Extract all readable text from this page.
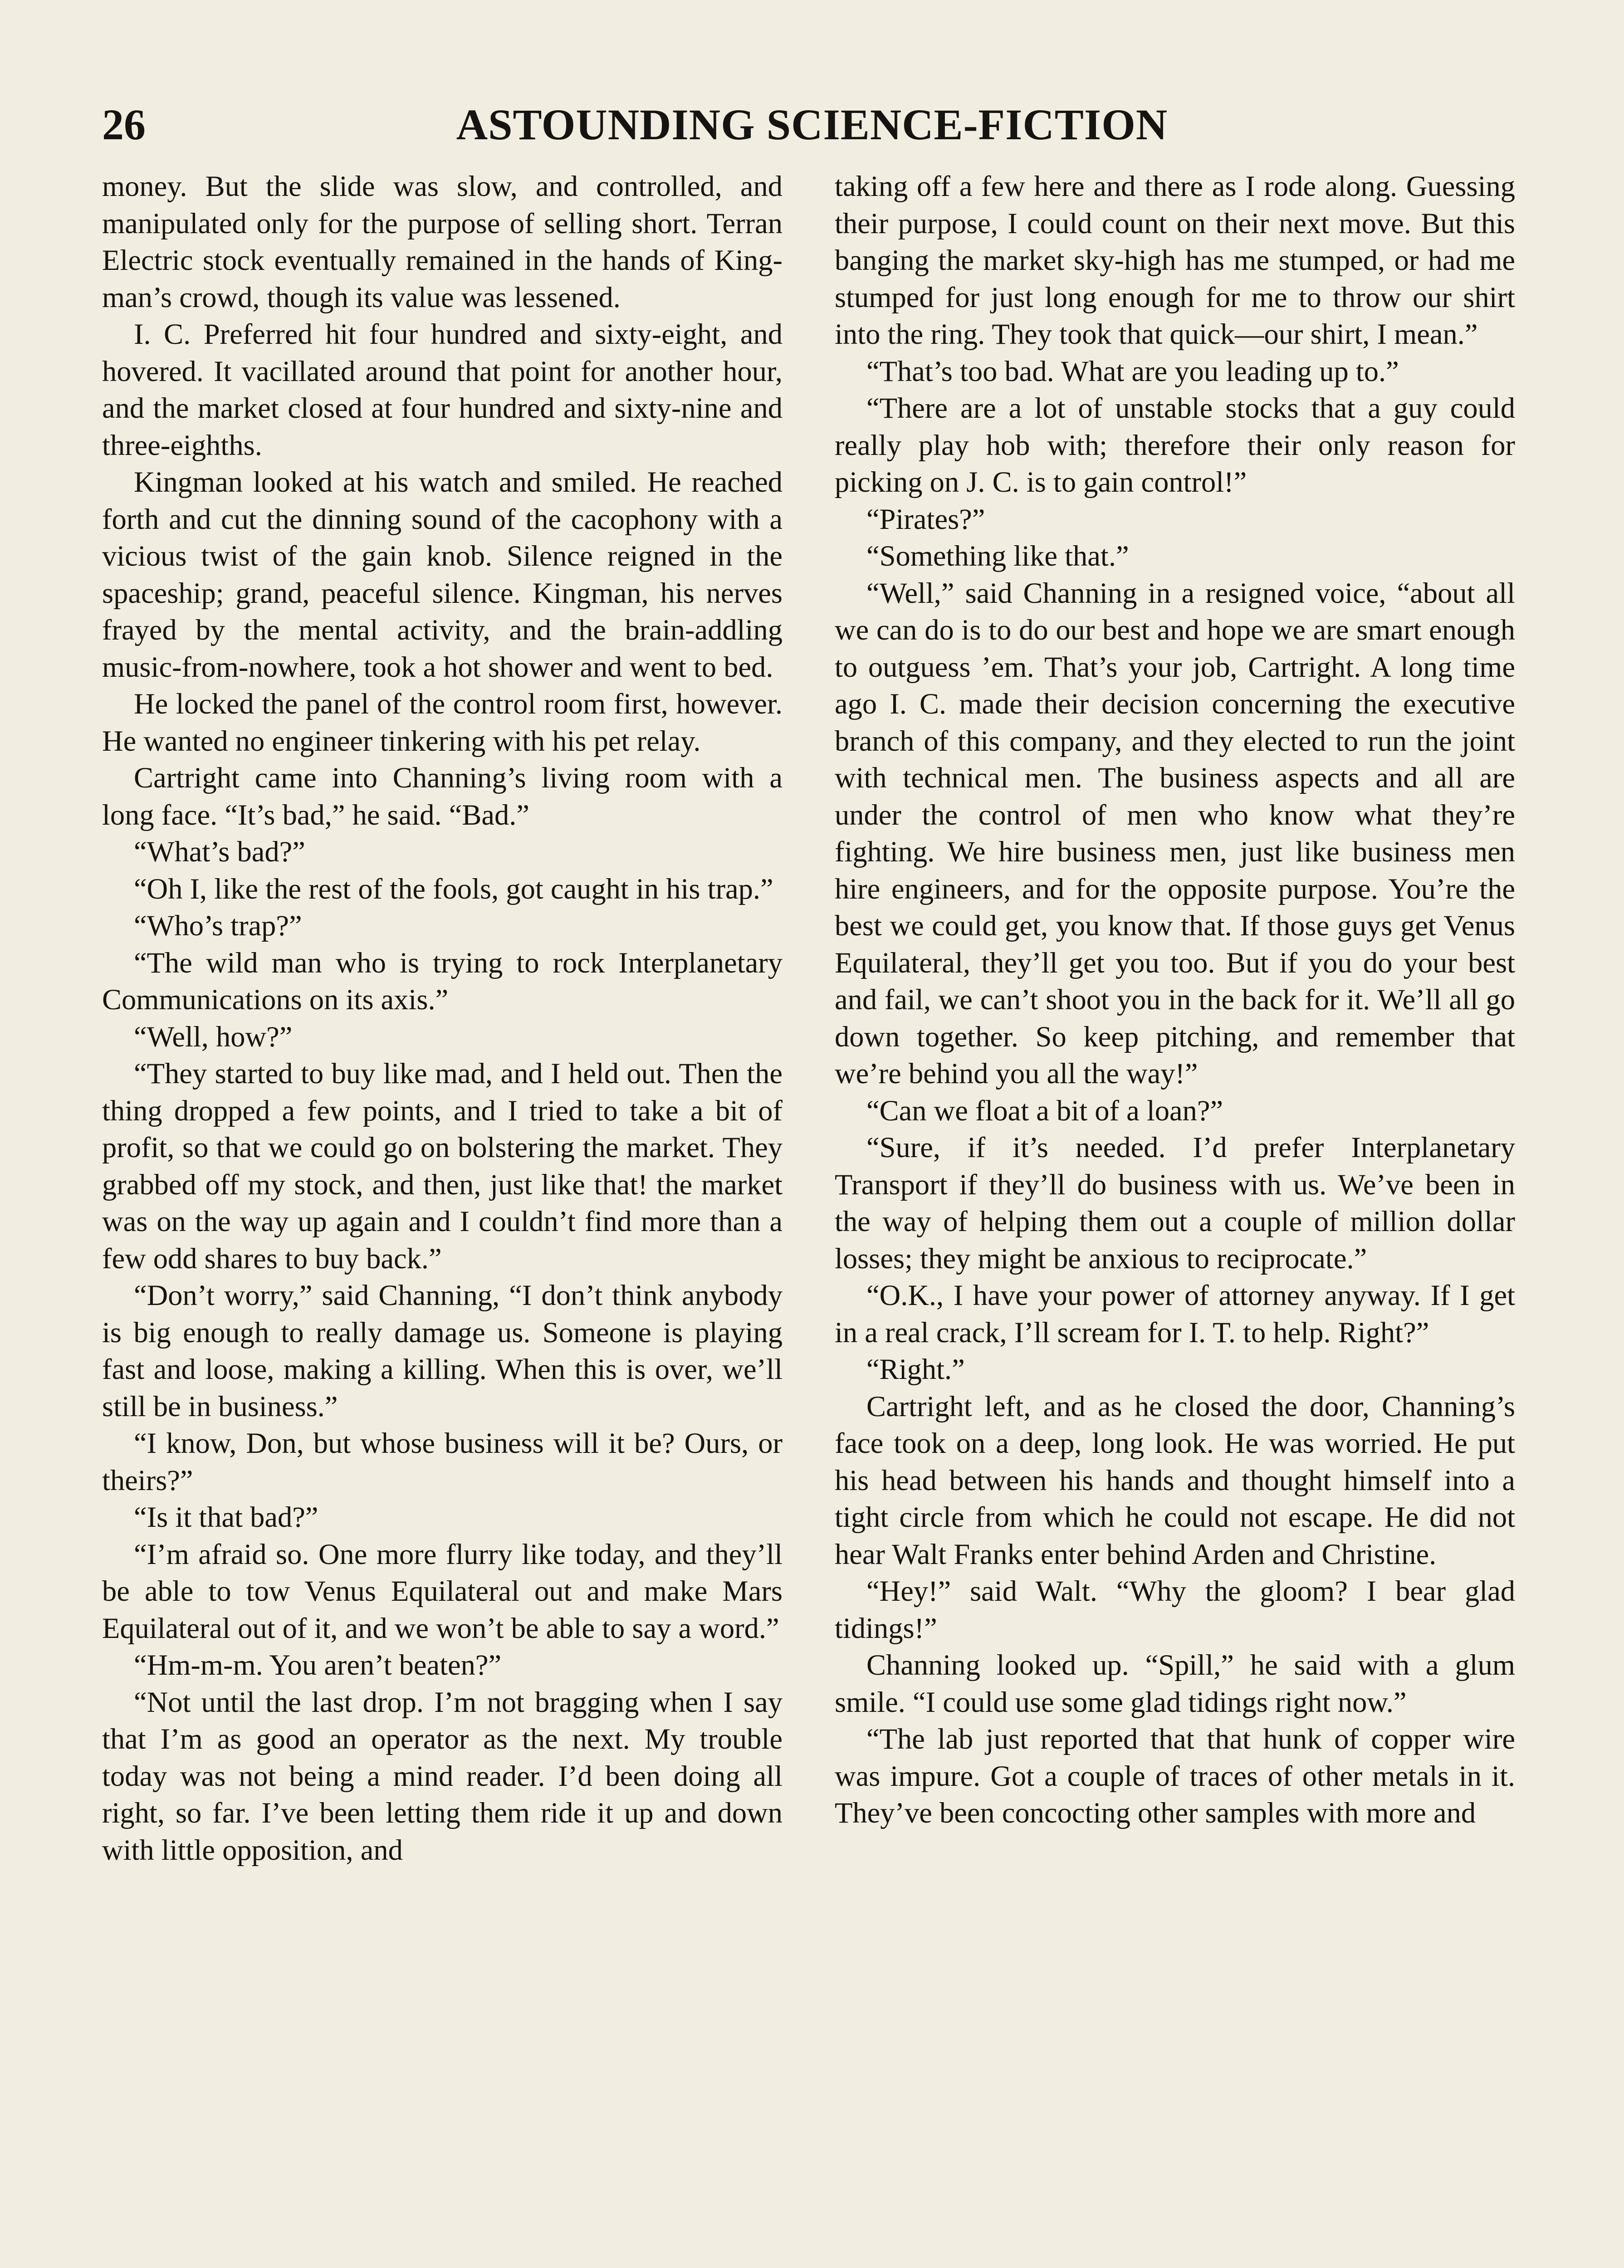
26	ASTOUNDING SCIENCE-FICTION

money. But the slide was slow, and controlled, and manipulated only for the purpose of selling short. Terran Electric stock eventually remained in the hands of Kingman’s crowd, though its value was lessened.

I. C. Preferred hit four hundred and sixty-eight, and hovered. It vacillated around that point for another hour, and the market closed at four hundred and sixty-nine and three-eighths.

Kingman looked at his watch and smiled. He reached forth and cut the dinning sound of the cacophony with a vicious twist of the gain knob. Silence reigned in the spaceship; grand, peaceful silence. Kingman, his nerves frayed by the mental activity, and the brain-addling music-from-nowhere, took a hot shower and went to bed.

He locked the panel of the control room first, however. He wanted no engineer tinkering with his pet relay.

Cartright came into Channing’s living room with a long face. “It’s bad,” he said. “Bad.”

“What’s bad?”

“Oh I, like the rest of the fools, got caught in his trap.”

“Who’s trap?”

“The wild man who is trying to rock Interplanetary Communications on its axis.”

“Well, how?”

“They started to buy like mad, and I held out. Then the thing dropped a few points, and I tried to take a bit of profit, so that we could go on bolstering the market. They grabbed off my stock, and then, just like that! the market was on the way up again and I couldn’t find more than a few odd shares to buy back.”

“Don’t worry,” said Channing, “I don’t think anybody is big enough to really damage us. Someone is playing fast and loose, making a killing. When this is over, we’ll still be in business.”

“I know, Don, but whose business will it be? Ours, or theirs?”

“Is it that bad?”

“I’m afraid so. One more flurry like today, and they’ll be able to tow Venus Equilateral out and make Mars Equilateral out of it, and we won’t be able to say a word.”

“Hm-m-m. You aren’t beaten?”

“Not until the last drop. I’m not bragging when I say that I’m as good an operator as the next. My trouble today was not being a mind reader. I’d been doing all right, so far. I’ve been letting them ride it up and down with little opposition, and

taking off a few here and there as I rode along. Guessing their purpose, I could count on their next move. But this banging the market sky-high has me stumped, or had me stumped for just long enough for me to throw our shirt into the ring. They took that quick—our shirt, I mean.”

“That’s too bad. What are you leading up to.”

“There are a lot of unstable stocks that a guy could really play hob with; therefore their only reason for picking on J. C. is to gain control!”

“Pirates?”

“Something like that.”

“Well,” said Channing in a resigned voice, “about all we can do is to do our best and hope we are smart enough to outguess ’em. That’s your job, Cartright. A long time ago I. C. made their decision concerning the executive branch of this company, and they elected to run the joint with technical men. The business aspects and all are under the control of men who know what they’re fighting. We hire business men, just like business men hire engineers, and for the opposite purpose. You’re the best we could get, you know that. If those guys get Venus Equilateral, they’ll get you too. But if you do your best and fail, we can’t shoot you in the back for it. We’ll all go down together. So keep pitching, and remember that we’re behind you all the way!”

“Can we float a bit of a loan?”

“Sure, if it’s needed. I’d prefer Interplanetary Transport if they’ll do business with us. We’ve been in the way of helping them out a couple of million dollar losses; they might be anxious to reciprocate.”

“O.K., I have your power of attorney anyway. If I get in a real crack, I’ll scream for I. T. to help. Right?”

“Right.”

Cartright left, and as he closed the door, Channing’s face took on a deep, long look. He was worried. He put his head between his hands and thought himself into a tight circle from which he could not escape. He did not hear Walt Franks enter behind Arden and Christine.

“Hey!” said Walt. “Why the gloom? I bear glad tidings!”

Channing looked up. “Spill,” he said with a glum smile. “I could use some glad tidings right now.”

“The lab just reported that that hunk of copper wire was impure. Got a couple of traces of other metals in it. They’ve been concocting other samples with more and
